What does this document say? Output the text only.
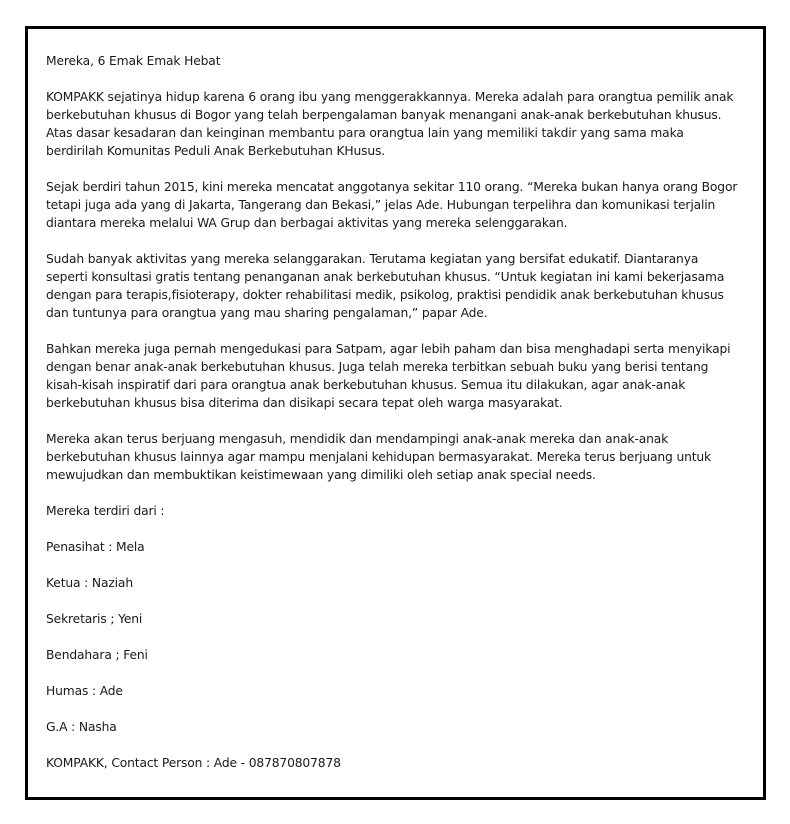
Mereka, 6 Emak Emak Hebat

KOMPAKK sejatinya hidup karena 6 orang ibu yang menggerakkannya. Mereka adalah para orangtua pemilik anak
berkebutuhan khusus di Bogor yang telah berpengalaman banyak menangani anak-anak berkebutuhan khusus.
Atas dasar kesadaran dan keinginan membantu para orangtua lain yang memiliki takdir yang sama maka
berdirilah Komunitas Peduli Anak Berkebutuhan KHusus.

Sejak berdiri tahun 2015, kini mereka mencatat anggotanya sekitar 110 orang. “Mereka bukan hanya orang Bogor
tetapi juga ada yang di Jakarta, Tangerang dan Bekasi,” jelas Ade. Hubungan terpelihra dan komunikasi terjalin
diantara mereka melalui WA Grup dan berbagai aktivitas yang mereka selenggarakan.

Sudah banyak aktivitas yang mereka selanggarakan. Terutama kegiatan yang bersifat edukatif. Diantaranya
seperti konsultasi gratis tentang penanganan anak berkebutuhan khusus. “Untuk kegiatan ini kami bekerjasama
dengan para terapis,fisioterapy, dokter rehabilitasi medik, psikolog, praktisi pendidik anak berkebutuhan khusus
dan tuntunya para orangtua yang mau sharing pengalaman,” papar Ade.

Bahkan mereka juga pernah mengedukasi para Satpam, agar lebih paham dan bisa menghadapi serta menyikapi
dengan benar anak-anak berkebutuhan khusus. Juga telah mereka terbitkan sebuah buku yang berisi tentang
kisah-kisah inspiratif dari para orangtua anak berkebutuhan khusus. Semua itu dilakukan, agar anak-anak
berkebutuhan khusus bisa diterima dan disikapi secara tepat oleh warga masyarakat.

Mereka akan terus berjuang mengasuh, mendidik dan mendampingi anak-anak mereka dan anak-anak
berkebutuhan khusus lainnya agar mampu menjalani kehidupan bermasyarakat. Mereka terus berjuang untuk
mewujudkan dan membuktikan keistimewaan yang dimiliki oleh setiap anak special needs.

Mereka terdiri dari :

Penasihat : Mela

Ketua : Naziah

Sekretaris ; Yeni

Bendahara ; Feni

Humas : Ade

G.A : Nasha

KOMPAKK, Contact Person : Ade - 087870807878
